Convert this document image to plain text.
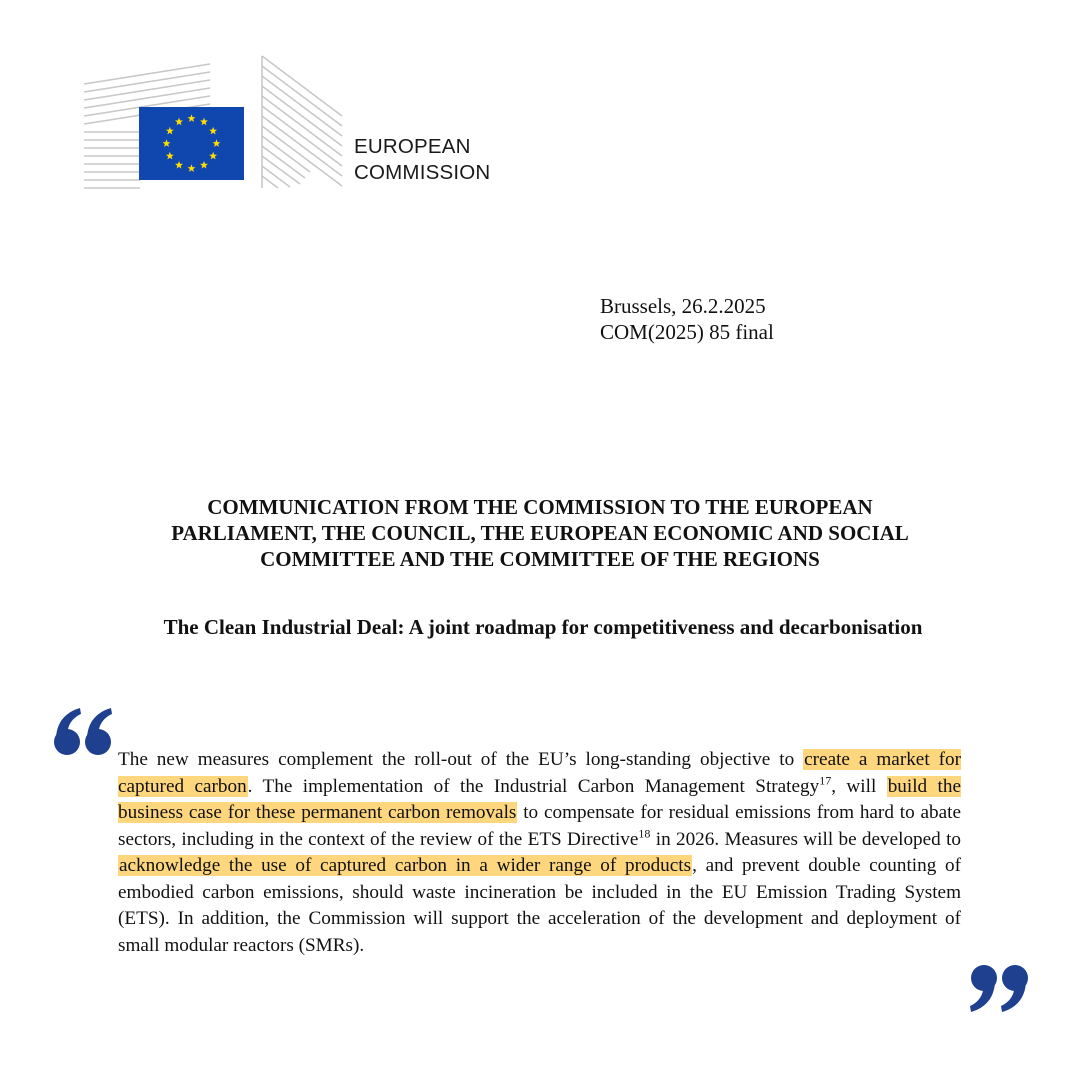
EUROPEAN
COMMISSION
Brussels, 26.2.2025
COM(2025) 85 final
COMMUNICATION FROM THE COMMISSION TO THE EUROPEAN
PARLIAMENT, THE COUNCIL, THE EUROPEAN ECONOMIC AND SOCIAL
COMMITTEE AND THE COMMITTEE OF THE REGIONS
The Clean Industrial Deal: A joint roadmap for competitiveness and decarbonisation
The new measures complement the roll-out of the EU’s long-standing objective to create a market for captured carbon. The implementation of the Industrial Carbon Management Strategy$^{17}$, will build the business case for these permanent carbon removals to compensate for residual emissions from hard to abate sectors, including in the context of the review of the ETS Directive$^{18}$ in 2026. Measures will be developed to acknowledge the use of captured carbon in a wider range of products, and prevent double counting of embodied carbon emissions, should waste incineration be included in the EU Emission Trading System (ETS). In addition, the Commission will support the acceleration of the development and deployment of small modular reactors (SMRs).
